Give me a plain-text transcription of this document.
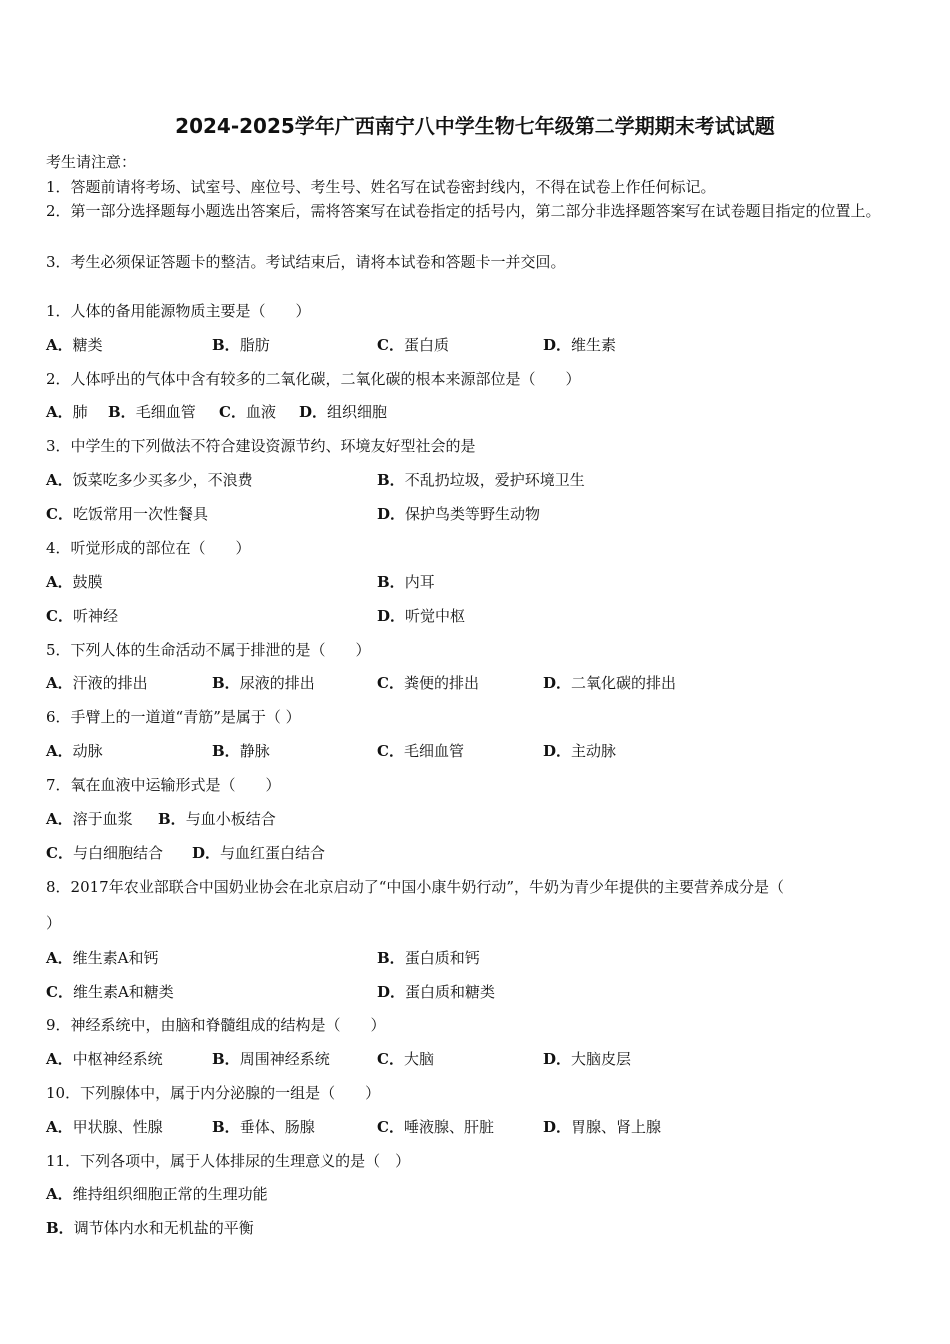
2024-2025学年广西南宁八中学生物七年级第二学期期末考试试题
考生请注意：
1．答题前请将考场、试室号、座位号、考生号、姓名写在试卷密封线内，不得在试卷上作任何标记。
2．第一部分选择题每小题选出答案后，需将答案写在试卷指定的括号内，第二部分非选择题答案写在试卷题目指定的位置上。
3．考生必须保证答题卡的整洁。考试结束后，请将本试卷和答题卡一并交回。
1．人体的备用能源物质主要是（　　）
A．糖类	B．脂肪	C．蛋白质	D．维生素
2．人体呼出的气体中含有较多的二氧化碳，二氧化碳的根本来源部位是（　　）
A．肺 B．毛细血管 C．血液 D．组织细胞
3．中学生的下列做法不符合建设资源节约、环境友好型社会的是
A．饭菜吃多少买多少，不浪费	B．不乱扔垃圾，爱护环境卫生
C．吃饭常用一次性餐具	D．保护鸟类等野生动物
4．听觉形成的部位在（　　）
A．鼓膜	B．内耳
C．听神经	D．听觉中枢
5．下列人体的生命活动不属于排泄的是（　　）
A．汗液的排出	B．尿液的排出	C．粪便的排出	D．二氧化碳的排出
6．手臂上的一道道“青筋”是属于（ ）
A．动脉	B．静脉	C．毛细血管	D．主动脉
7．氧在血液中运输形式是（　　）
A．溶于血浆 B．与血小板结合
C．与白细胞结合 D．与血红蛋白结合
8．2017年农业部联合中国奶业协会在北京启动了“中国小康牛奶行动”，牛奶为青少年提供的主要营养成分是（
）
A．维生素A和钙	B．蛋白质和钙
C．维生素A和糖类	D．蛋白质和糖类
9．神经系统中，由脑和脊髓组成的结构是（　　）
A．中枢神经系统	B．周围神经系统	C．大脑	D．大脑皮层
10．下列腺体中，属于内分泌腺的一组是（　　）
A．甲状腺、性腺	B．垂体、肠腺	C．唾液腺、肝脏	D．胃腺、肾上腺
11．下列各项中，属于人体排尿的生理意义的是（　）
A．维持组织细胞正常的生理功能
B．调节体内水和无机盐的平衡
